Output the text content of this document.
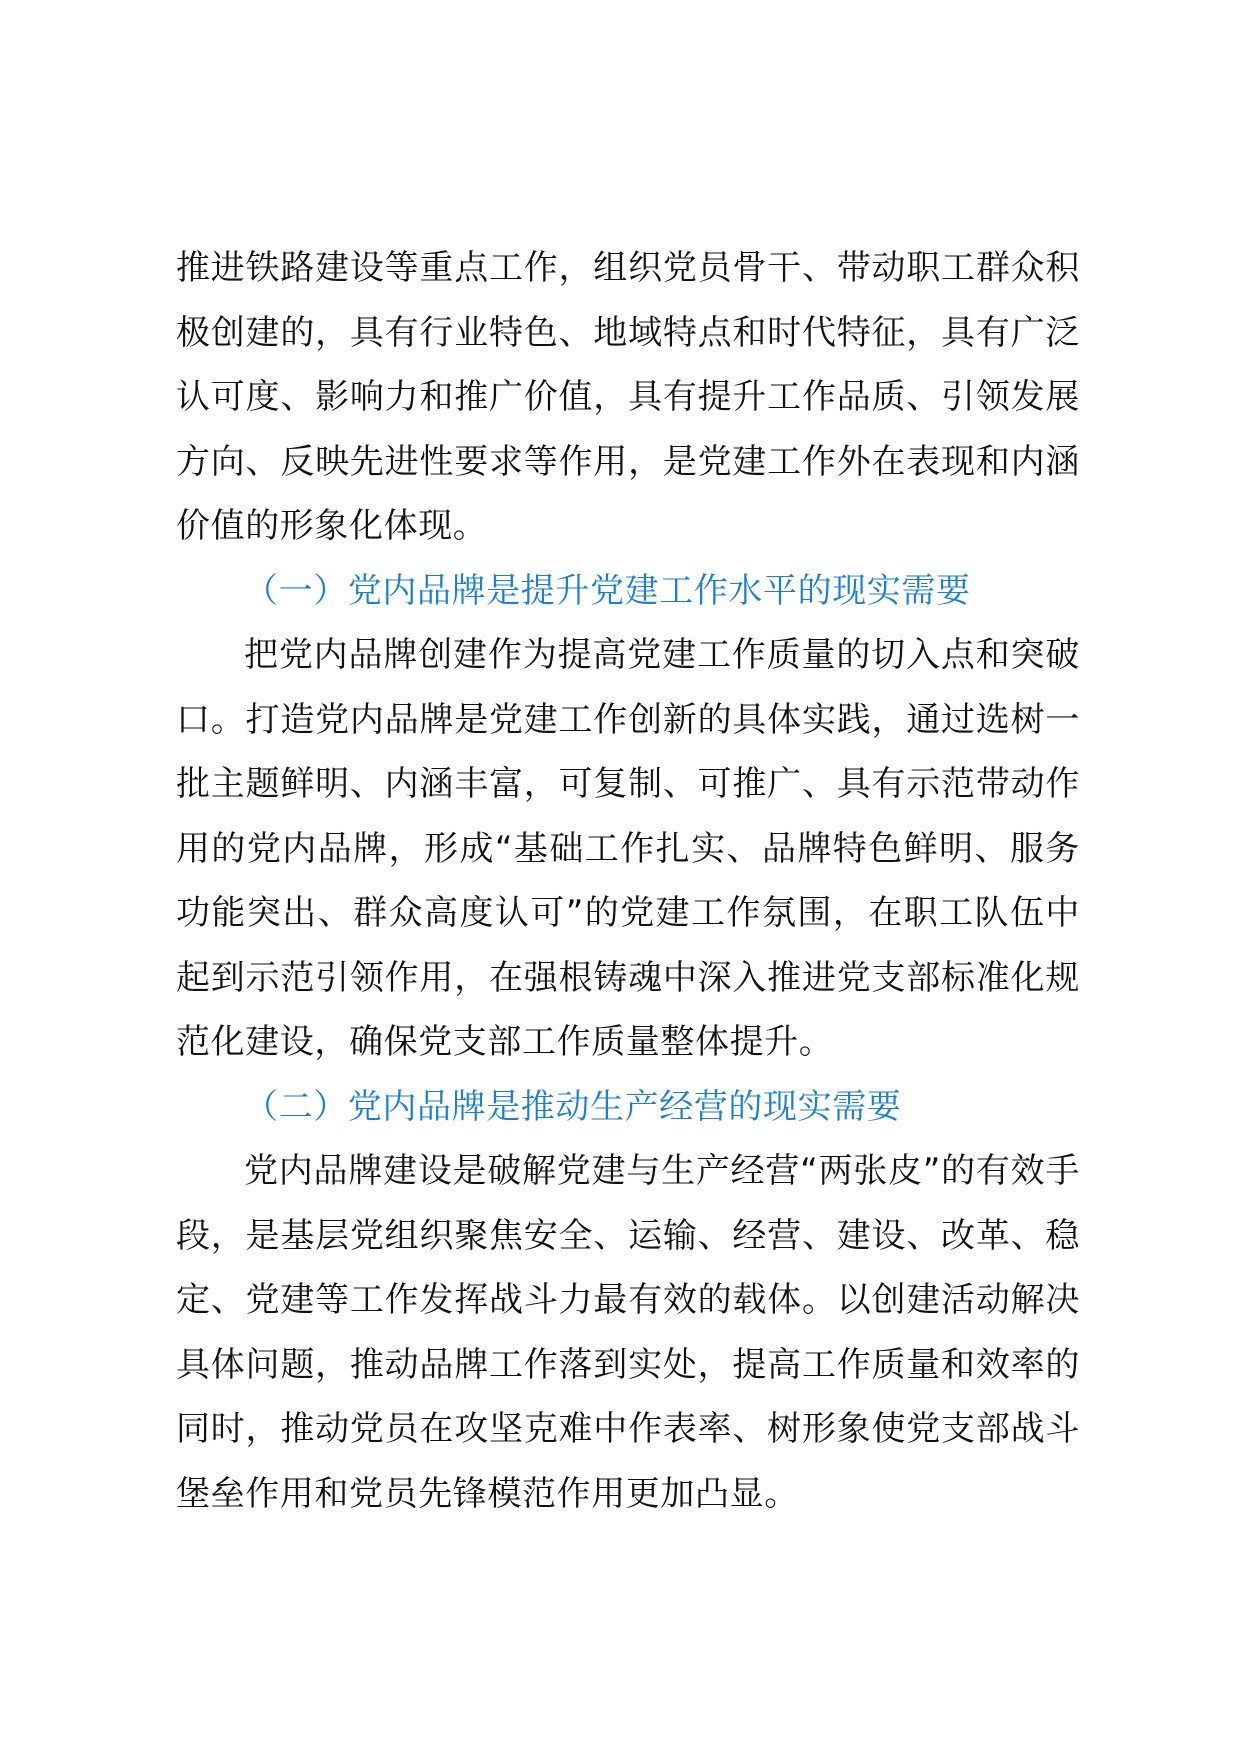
推进铁路建设等重点工作，组织党员骨干、带动职工群众积极创建的，具有行业特色、地域特点和时代特征，具有广泛认可度、影响力和推广价值，具有提升工作品质、引领发展方向、反映先进性要求等作用，是党建工作外在表现和内涵价值的形象化体现。

（一）党内品牌是提升党建工作水平的现实需要

把党内品牌创建作为提高党建工作质量的切入点和突破口。打造党内品牌是党建工作创新的具体实践，通过选树一批主题鲜明、内涵丰富，可复制、可推广、具有示范带动作用的党内品牌，形成“基础工作扎实、品牌特色鲜明、服务功能突出、群众高度认可”的党建工作氛围，在职工队伍中起到示范引领作用，在强根铸魂中深入推进党支部标准化规范化建设，确保党支部工作质量整体提升。

（二）党内品牌是推动生产经营的现实需要

党内品牌建设是破解党建与生产经营“两张皮”的有效手段，是基层党组织聚焦安全、运输、经营、建设、改革、稳定、党建等工作发挥战斗力最有效的载体。以创建活动解决具体问题，推动品牌工作落到实处，提高工作质量和效率的同时，推动党员在攻坚克难中作表率、树形象使党支部战斗堡垒作用和党员先锋模范作用更加凸显。
